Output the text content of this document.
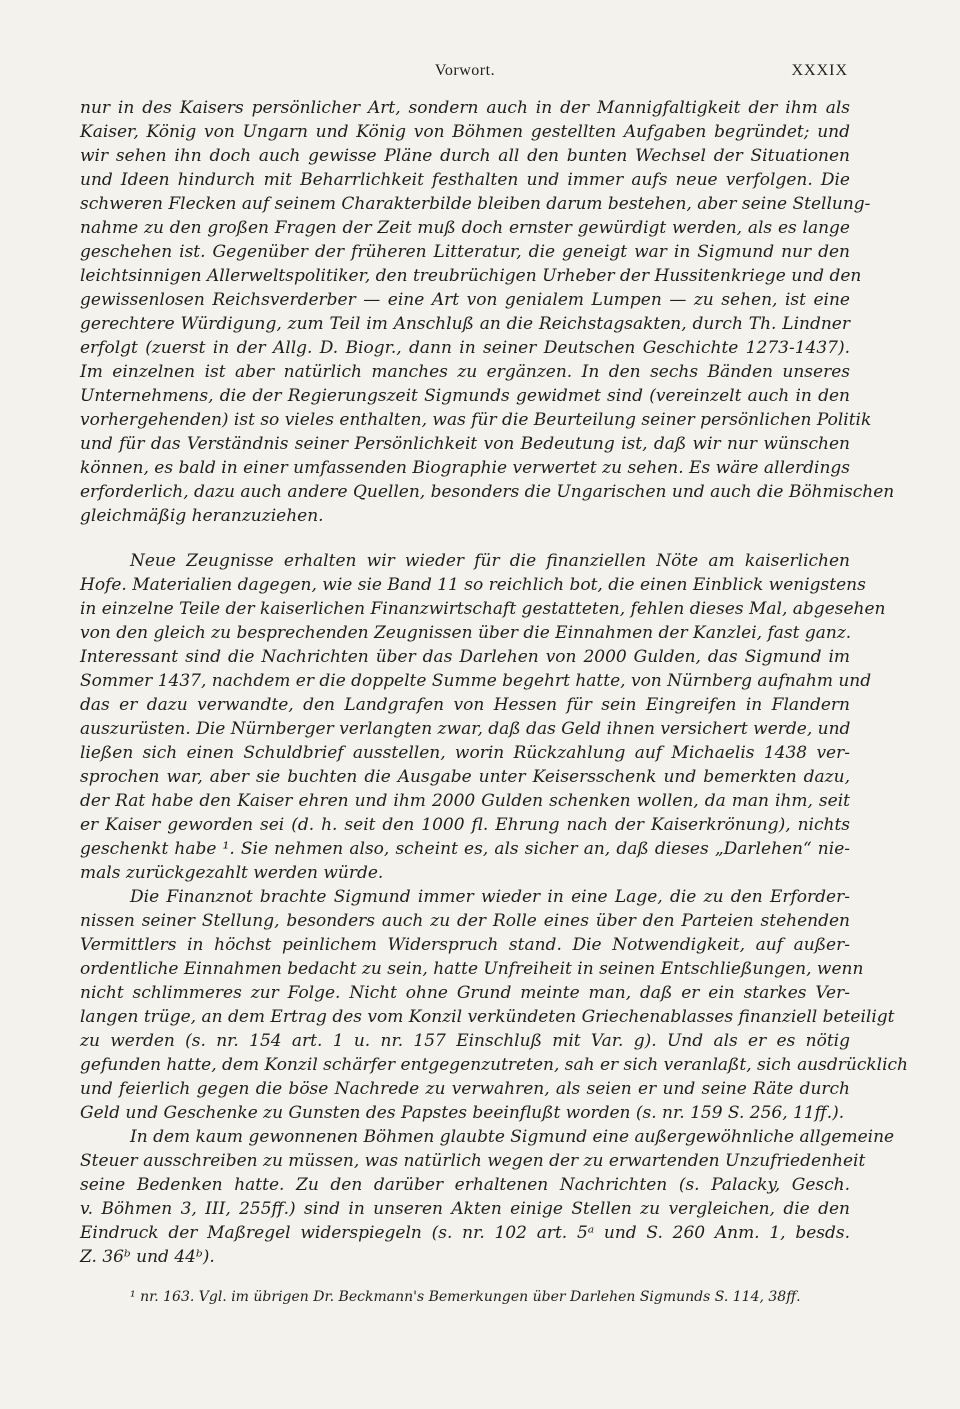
Vorwort.	XXXIX
nur in des Kaisers persönlicher Art, sondern auch in der Mannigfaltigkeit der ihm als
Kaiser, König von Ungarn und König von Böhmen gestellten Aufgaben begründet; und
wir sehen ihn doch auch gewisse Pläne durch all den bunten Wechsel der Situationen
und Ideen hindurch mit Beharrlichkeit festhalten und immer aufs neue verfolgen. Die
schweren Flecken auf seinem Charakterbilde bleiben darum bestehen, aber seine Stellung-
nahme zu den großen Fragen der Zeit muß doch ernster gewürdigt werden, als es lange
geschehen ist. Gegenüber der früheren Litteratur, die geneigt war in Sigmund nur den
leichtsinnigen Allerweltspolitiker, den treubrüchigen Urheber der Hussitenkriege und den
gewissenlosen Reichsverderber — eine Art von genialem Lumpen — zu sehen, ist eine
gerechtere Würdigung, zum Teil im Anschluß an die Reichstagsakten, durch Th. Lindner
erfolgt (zuerst in der Allg. D. Biogr., dann in seiner Deutschen Geschichte 1273-1437).
Im einzelnen ist aber natürlich manches zu ergänzen. In den sechs Bänden unseres
Unternehmens, die der Regierungszeit Sigmunds gewidmet sind (vereinzelt auch in den
vorhergehenden) ist so vieles enthalten, was für die Beurteilung seiner persönlichen Politik
und für das Verständnis seiner Persönlichkeit von Bedeutung ist, daß wir nur wünschen
können, es bald in einer umfassenden Biographie verwertet zu sehen. Es wäre allerdings
erforderlich, dazu auch andere Quellen, besonders die Ungarischen und auch die Böhmischen
gleichmäßig heranzuziehen.
Neue Zeugnisse erhalten wir wieder für die finanziellen Nöte am kaiserlichen
Hofe. Materialien dagegen, wie sie Band 11 so reichlich bot, die einen Einblick wenigstens
in einzelne Teile der kaiserlichen Finanzwirtschaft gestatteten, fehlen dieses Mal, abgesehen
von den gleich zu besprechenden Zeugnissen über die Einnahmen der Kanzlei, fast ganz.
Interessant sind die Nachrichten über das Darlehen von 2000 Gulden, das Sigmund im
Sommer 1437, nachdem er die doppelte Summe begehrt hatte, von Nürnberg aufnahm und
das er dazu verwandte, den Landgrafen von Hessen für sein Eingreifen in Flandern
auszurüsten. Die Nürnberger verlangten zwar, daß das Geld ihnen versichert werde, und
ließen sich einen Schuldbrief ausstellen, worin Rückzahlung auf Michaelis 1438 ver-
sprochen war, aber sie buchten die Ausgabe unter Keisersschenk und bemerkten dazu,
der Rat habe den Kaiser ehren und ihm 2000 Gulden schenken wollen, da man ihm, seit
er Kaiser geworden sei (d. h. seit den 1000 fl. Ehrung nach der Kaiserkrönung), nichts
geschenkt habe ¹. Sie nehmen also, scheint es, als sicher an, daß dieses „Darlehen“ nie-
mals zurückgezahlt werden würde.
Die Finanznot brachte Sigmund immer wieder in eine Lage, die zu den Erforder-
nissen seiner Stellung, besonders auch zu der Rolle eines über den Parteien stehenden
Vermittlers in höchst peinlichem Widerspruch stand. Die Notwendigkeit, auf außer-
ordentliche Einnahmen bedacht zu sein, hatte Unfreiheit in seinen Entschließungen, wenn
nicht schlimmeres zur Folge. Nicht ohne Grund meinte man, daß er ein starkes Ver-
langen trüge, an dem Ertrag des vom Konzil verkündeten Griechenablasses finanziell beteiligt
zu werden (s. nr. 154 art. 1 u. nr. 157 Einschluß mit Var. g). Und als er es nötig
gefunden hatte, dem Konzil schärfer entgegenzutreten, sah er sich veranlaßt, sich ausdrücklich
und feierlich gegen die böse Nachrede zu verwahren, als seien er und seine Räte durch
Geld und Geschenke zu Gunsten des Papstes beeinflußt worden (s. nr. 159 S. 256, 11ff.).
In dem kaum gewonnenen Böhmen glaubte Sigmund eine außergewöhnliche allgemeine
Steuer ausschreiben zu müssen, was natürlich wegen der zu erwartenden Unzufriedenheit
seine Bedenken hatte. Zu den darüber erhaltenen Nachrichten (s. Palacky, Gesch.
v. Böhmen 3, III, 255ff.) sind in unseren Akten einige Stellen zu vergleichen, die den
Eindruck der Maßregel widerspiegeln (s. nr. 102 art. 5ᵃ und S. 260 Anm. 1, besds.
Z. 36ᵇ und 44ᵇ).
¹ nr. 163. Vgl. im übrigen Dr. Beckmann's Bemerkungen über Darlehen Sigmunds S. 114, 38ff.
